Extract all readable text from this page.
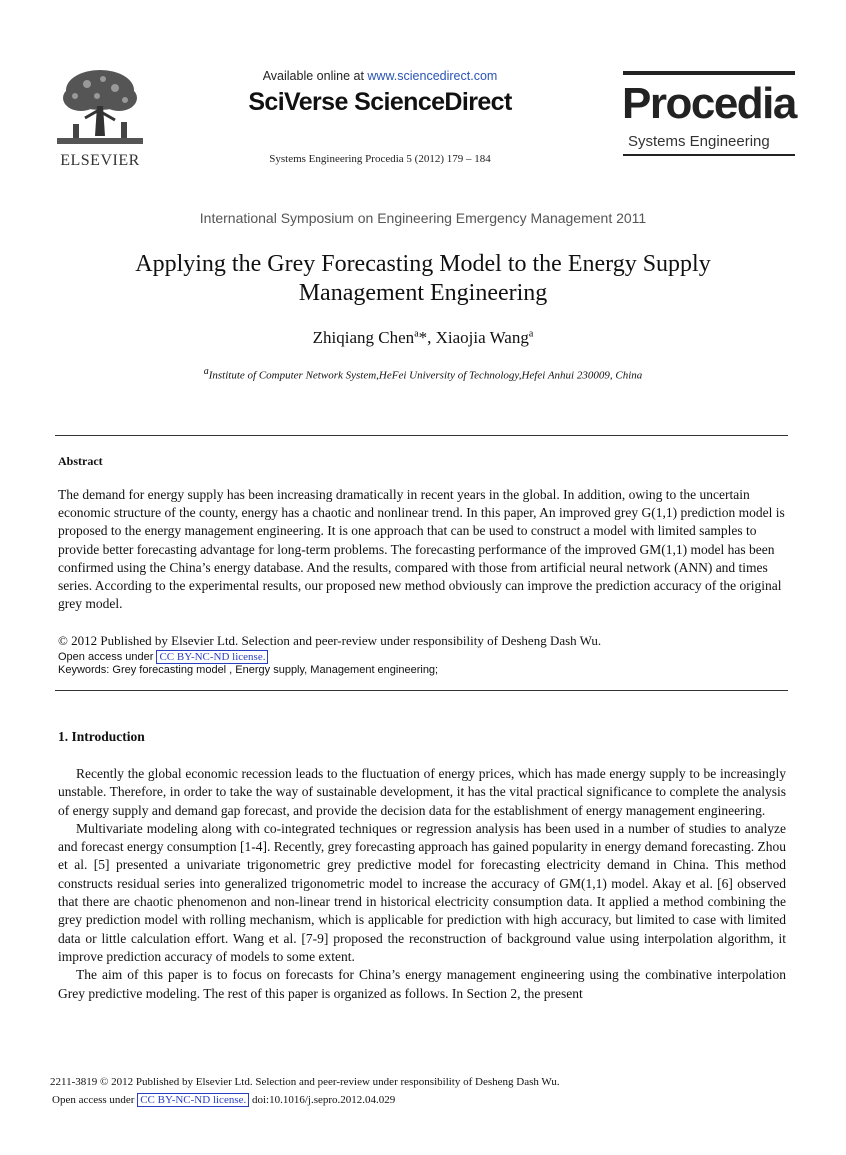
ELSEVIER
Available online at www.sciencedirect.com
SciVerse ScienceDirect
Systems Engineering Procedia 5 (2012) 179 – 184
Procedia
Systems Engineering
International Symposium on Engineering Emergency Management 2011
Applying the Grey Forecasting Model to the Energy Supply
Management Engineering
Zhiqiang Chen$^a$*, Xiaojia Wang$^a$
$^a$Institute of Computer Network System,HeFei University of Technology,Hefei Anhui 230009, China
Abstract
The demand for energy supply has been increasing dramatically in recent years in the global. In addition, owing to the uncertain economic structure of the county, energy has a chaotic and nonlinear trend. In this paper, An improved grey G(1,1) prediction model is proposed to the energy management engineering. It is one approach that can be used to construct a model with limited samples to provide better forecasting advantage for long-term problems. The forecasting performance of the improved GM(1,1) model has been confirmed using the China’s energy database. And the results, compared with those from artificial neural network (ANN) and times series. According to the experimental results, our proposed new method obviously can improve the prediction accuracy of the original grey model.
© 2012 Published by Elsevier Ltd. Selection and peer-review under responsibility of Desheng Dash Wu.
Open access under CC BY-NC-ND license.
Keywords: Grey forecasting model , Energy supply, Management engineering;
1. Introduction

Recently the global economic recession leads to the fluctuation of energy prices, which has made energy supply to be increasingly unstable. Therefore, in order to take the way of sustainable development, it has the vital practical significance to complete the analysis of energy supply and demand gap forecast, and provide the decision data for the establishment of energy management engineering.

Multivariate modeling along with co-integrated techniques or regression analysis has been used in a number of studies to analyze and forecast energy consumption [1-4]. Recently, grey forecasting approach has gained popularity in energy demand forecasting. Zhou et al. [5] presented a univariate trigonometric grey predictive model for forecasting electricity demand in China. This method constructs residual series into generalized trigonometric model to increase the accuracy of GM(1,1) model. Akay et al. [6] observed that there are chaotic phenomenon and non-linear trend in historical electricity consumption data. It applied a method combining the grey prediction model with rolling mechanism, which is applicable for prediction with high accuracy, but limited to case with limited data or little calculation effort. Wang et al. [7-9] proposed the reconstruction of background value using interpolation algorithm, it improve prediction accuracy of models to some extent.

The aim of this paper is to focus on forecasts for China’s energy management engineering using the combinative interpolation Grey predictive modeling. The rest of this paper is organized as follows. In Section 2, the present

2211-3819 © 2012 Published by Elsevier Ltd. Selection and peer-review under responsibility of Desheng Dash Wu.
Open access under CC BY-NC-ND license. doi:10.1016/j.sepro.2012.04.029
